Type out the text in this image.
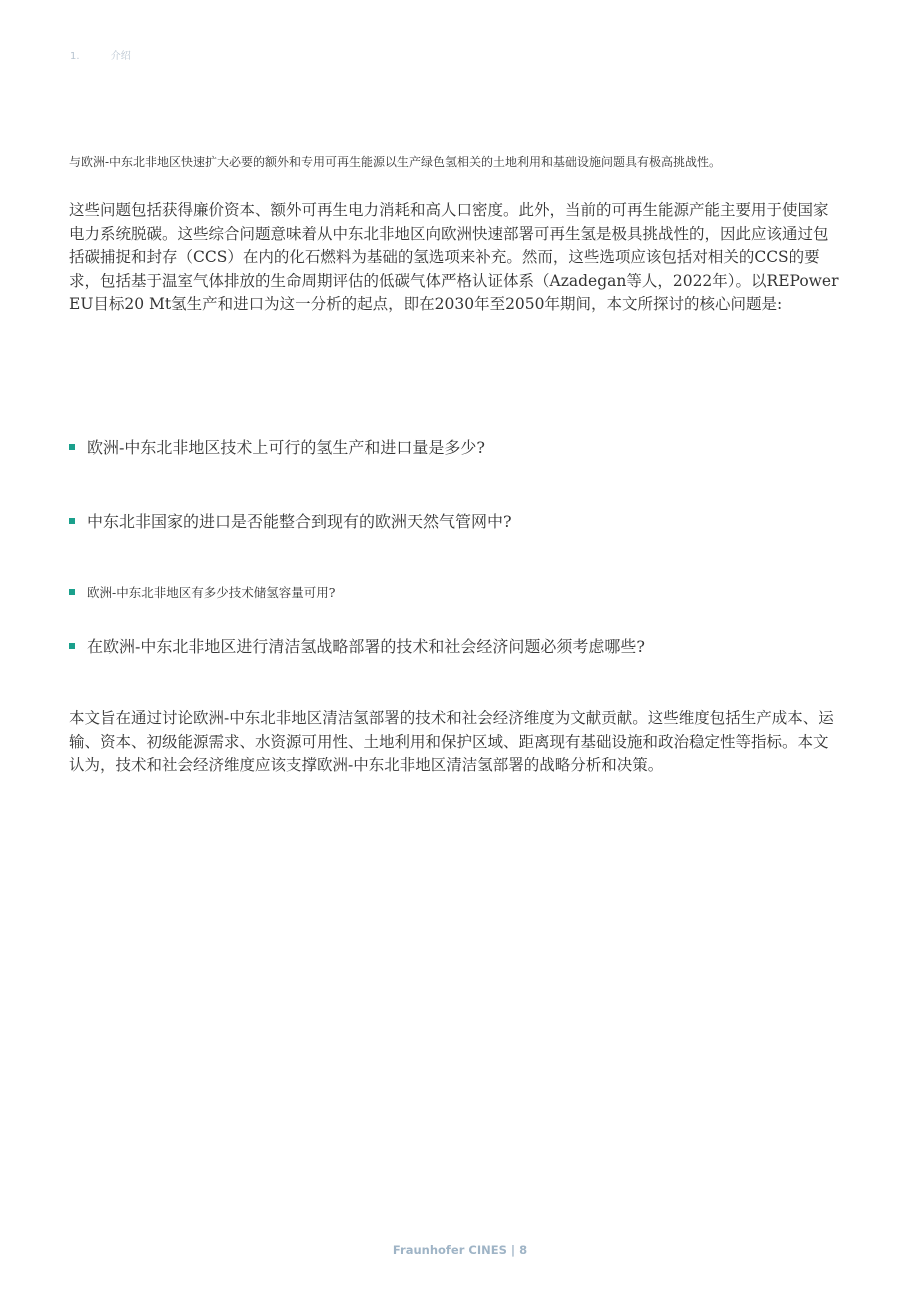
1.	介绍
与欧洲-中东北非地区快速扩大必要的额外和专用可再生能源以生产绿色氢相关的土地利用和基础设施问题具有极高挑战性。
这些问题包括获得廉价资本、额外可再生电力消耗和高人口密度。此外，当前的可再生能源产能主要用于使国家电力系统脱碳。这些综合问题意味着从中东北非地区向欧洲快速部署可再生氢是极具挑战性的，因此应该通过包括碳捕捉和封存（CCS）在内的化石燃料为基础的氢选项来补充。然而，这些选项应该包括对相关的CCS的要求，包括基于温室气体排放的生命周期评估的低碳气体严格认证体系（Azadegan等人，2022年）。以REPowerEU目标20 Mt氢生产和进口为这一分析的起点，即在2030年至2050年期间，本文所探讨的核心问题是:
欧洲-中东北非地区技术上可行的氢生产和进口量是多少?
中东北非国家的进口是否能整合到现有的欧洲天然气管网中?
欧洲-中东北非地区有多少技术储氢容量可用?
在欧洲-中东北非地区进行清洁氢战略部署的技术和社会经济问题必须考虑哪些?
本文旨在通过讨论欧洲-中东北非地区清洁氢部署的技术和社会经济维度为文献贡献。这些维度包括生产成本、运输、资本、初级能源需求、水资源可用性、土地利用和保护区域、距离现有基础设施和政治稳定性等指标。本文认为，技术和社会经济维度应该支撑欧洲-中东北非地区清洁氢部署的战略分析和决策。
Fraunhofer CINES | 8
